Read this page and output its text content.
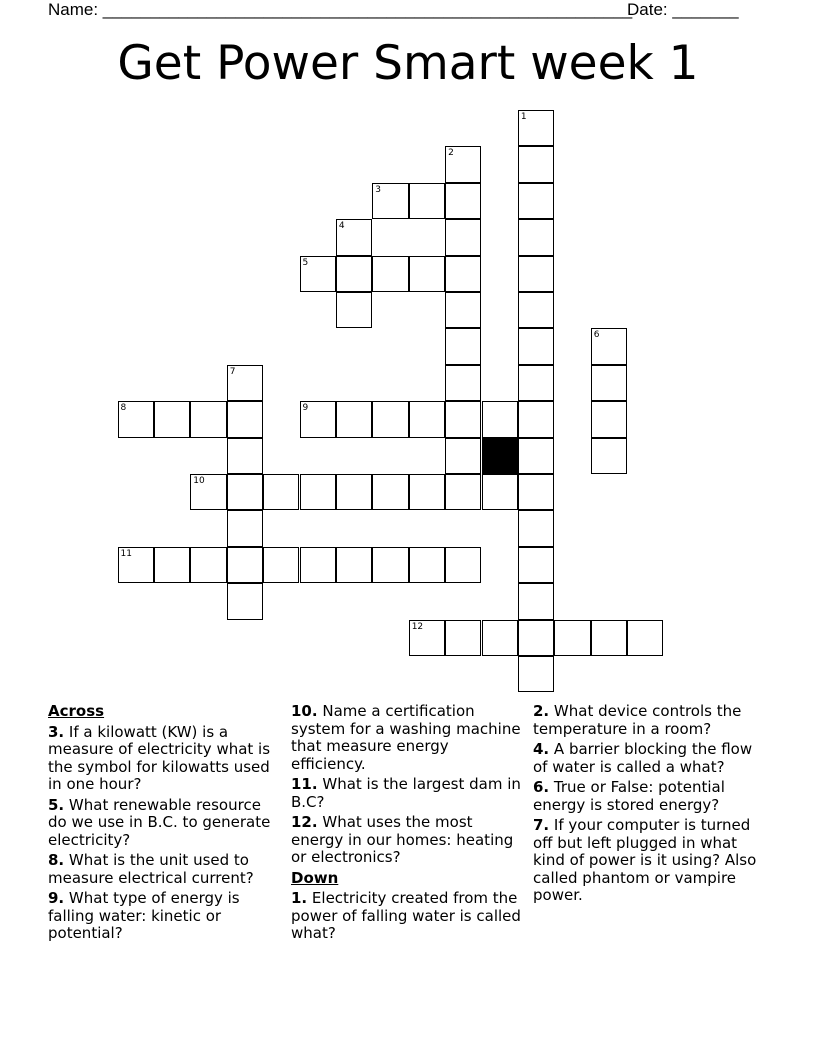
Name: ________________________________________________________
Date: _______
Get Power Smart week 1
1
2
3
4
5
6
7
8	9
10
11
12
Across
3. If a kilowatt (KW) is a measure of electricity what is the symbol for kilowatts used in one hour?
5. What renewable resource do we use in B.C. to generate electricity?
8. What is the unit used to measure electrical current?
9. What type of energy is falling water: kinetic or potential?
10. Name a certification system for a washing machine that measure energy efficiency.
11. What is the largest dam in B.C?
12. What uses the most energy in our homes: heating or electronics?
Down
1. Electricity created from the power of falling water is called what?
2. What device controls the temperature in a room?
4. A barrier blocking the flow of water is called a what?
6. True or False: potential energy is stored energy?
7. If your computer is turned off but left plugged in what kind of power is it using? Also called phantom or vampire power.
